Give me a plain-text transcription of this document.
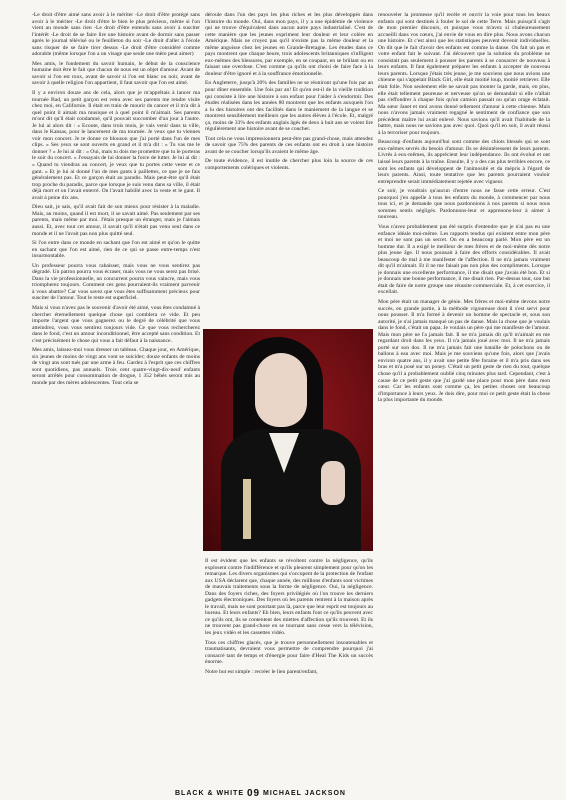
-Le droit d'être aimé sans avoir à le mériter -Le droit d'être protégé sans avoir à le mériter -Le droit d'être le bien le plus précieux, même si l'on vient au monde sans rien -Le droit d'être entendu sans avoir à susciter l'intérêt -Le droit de se faire lire une histoire avant de dormir sans passer après le journal télévisé ou le feuilleton du soir -Le droit d'aller à l'école sans risquer de se faire tirer dessus -Le droit d'être considéré comme adorable (même lorsque l'on a un visage que seule une mère peut aimer)

Mes amis, le fondement du savoir humain, le début de la conscience humaine doit être le fait que chacun de nous est un objet d'amour. Avant de savoir si l'on est roux, avant de savoir si l'on est blanc ou noir, avant de savoir à quelle religion l'on appartient, il faut savoir que l'on est aimé.

Il y a environ douze ans de cela, alors que je m'apprêtais à lancer ma tournée Bad, un petit garçon est venu avec ses parents me rendre visite chez moi, en Californie. Il était en train de mourir du cancer et il m'a dit à quel point il aimait ma musique et à quel point il m'aimait. Ses parents m'ont dit qu'il était condamné, qu'il pouvait succomber d'un jour à l'autre. Je lui ai alors dit : « Ecoute, dans trois mois, je vais venir dans ta ville, dans le Kansas, pour le lancement de ma tournée. Je veux que tu viennes voir mon concert. Je te donne ce blouson que j'ai porté dans l'un de mes clips. » Ses yeux se sont ouverts en grand et il m'a dit : « Tu vas me le donner ? » Je lui ai dit : « Oui, mais tu dois me promettre que tu le porteras le soir du concert. » J'essayais de lui donner la force de lutter. Je lui ai dit : « Quand tu viendras au concert, je veux que tu portes cette veste et ce gant. » Et je lui ai donné l'un de mes gants à paillettes, ce que je ne fais généralement pas. Et ce garçon était au paradis. Mais peut-être qu'il était trop proche du paradis, parce que lorsque je suis venu dans sa ville, il était déjà mort et on l'avait enterré. On l'avait habillé avec la veste et le gant. Il avait à peine dix ans.

Dieu sait, je sais, qu'il avait fait de son mieux pour résister à la maladie. Mais, au moins, quand il est mort, il se savait aimé. Pas seulement par ses parents, mais même par moi. J'étais presque un étranger, mais je l'aimais aussi. Et, avec tout cet amour, il savait qu'il n'était pas venu seul dans ce monde et il ne l'avait pas non plus quitté seul.

Si l'on entre dans ce monde en sachant que l'on est aimé et qu'on le quitte en sachant que l'on est aimé, rien de ce qui se passe entre-temps n'est insurmontable.

Un professeur pourra vous rabaisser, mais vous ne vous sentirez pas dégradé. Un patron pourra vous écraser, mais vous ne vous serez pas brisé. Dans la vie professionnelle, un concurrent pourra vous vaincre, mais vous triompherez toujours. Comment ces gens pourraient-ils vraiment parvenir à vous abattre? Car vous savez que vous êtes suffisamment précieux pour susciter de l'amour. Tout le reste est superficiel.

Mais si vous n'avez pas le souvenir d'avoir été aimé, vous êtes condamné à chercher éternellement quelque chose qui comblera ce vide. Et peu importe l'argent que vous gagnerez ou le degré de célébrité que vous atteindrez, vous vous sentirez toujours vide. Ce que vous rechercherez dans le fond, c'est un amour inconditionnel, être accepté sans condition. Et c'est précisément le chose qui vous a fait défaut à la naissance.

Mes amis, laissez-moi vous dresser un tableau. Chaque jour, en Amérique, six jeunes de moins de vingt ans vont se suicider; douze enfants de moins de vingt ans sont tués par une arme à feu. Gardez à l'esprit que ces chiffres sont quotidiens, pas annuels. Trois cent quatre-vingt-dix-neuf enfants seront arrêtés pour consommation de drogue, 1 352 bébés seront mis au monde par des mères adolescentes. Tout cela se

déroule dans l'un des pays les plus riches et les plus développés dans l'histoire du monde. Oui, dans mon pays, il y a une épidémie de violence qui ne trouve d'équivalent dans aucun autre pays industrialisé. C'est de cette manière que les jeunes expriment leur douleur et leur colère en Amérique. Mais ne croyez pas qu'il n'existe pas la même douleur et la même angoisse chez les jeunes en Grande-Bretagne. Les études dans ce pays montrent que chaque heure, trois adolescents britanniques s'infligent eux-mêmes des blessures, par exemple, en se coupant, en se brûlant ou en faisant une overdose. C'est comme ça qu'ils ont choisi de faire face à la douleur d'être ignoré et à la souffrance émotionnelle.

En Angleterre, jusqu'à 20% des familles ne se réuniront qu'une fois par an pour dîner ensemble. Une fois par an! Et qu'en est-il de la vieille tradition qui consiste à lire une histoire à son enfant pour l'aider à s'endormir. Des études réalisées dans les années 80 montrent que les enfants auxquels l'on a lu des histoires ont des facilités dans le maniement de la langue et se montrent sensiblement meilleurs que les autres élèves à l'école. Et, malgré ça, moins de 33% des enfants anglais âgés de deux à huit ans se voient lire régulièrement une histoire avant de se coucher.

Tout cela ne vous impressionnera peut-être pas grand-chose, mais attendez de savoir que 75% des parents de ces enfants ont eu droit à une histoire avant de se coucher lorsqu'ils avaient le même âge.

De toute évidence, il est inutile de chercher plus loin la source de ces comportements colériques et violents.

Il est évident que les enfants se révoltent contre la négligence, qu'ils explosent contre l'indifférence et qu'ils pleurent simplement pour qu'on les remarque. Les divers organismes qui s'occupent de la protection de l'enfant aux USA déclarent que, chaque année, des millions d'enfants sont victimes de mauvais traitements sous la forme de négligence. Oui, la négligence. Dans des foyers riches, des foyers privilégiés où l'on trouve les derniers gadgets électroniques. Des foyers où les parents rentrent à la maison après le travail, mais ne sont pourtant pas là, parce que leur esprit est toujours au bureau. Et leurs enfants? Eh bien, leurs enfants font ce qu'ils peuvent avec ce qu'ils ont, ils se contentent des miettes d'affection qu'ils trouvent. Et ils ne trouvent pas grand-chose en se tournant sans cesse vers la télévision, les jeux vidéo et les cassettes vidéo.

Tous ces chiffres glacés, que je trouve personnellement insoutenables et traumatisants, devraient vous permettre de comprendre pourquoi j'ai consacré tant de temps et d'énergie pour faire d'Heal The Kids un succès énorme.

Notre but est simple : recréer le lien parent/enfant,

renouveler la promesse qu'il recèle et ouvrir la voie pour tous les beaux enfants qui sont destinés à fouler le sol de cette Terre. Mais puisqu'il s'agit de mon premier discours, et puisque vous m'avez si chaleureusement accueilli dans vos cœurs, j'ai envie de vous en dire plus. Nous avons chacun une histoire. Et c'est ainsi que les statistiques peuvent devenir individuelles. On dit que le fait d'avoir des enfants est comme la danse. On fait un pas et votre enfant fait le suivant. J'ai découvert que la solution du problème ne consistait pas seulement à pousser les parents à se consacrer de nouveau à leurs enfants. Il faut également préparer les enfants à accepter de nouveau leurs parents. Lorsque j'étais très jeune, je me souviens que nous avions une chienne qui s'appelait Black Girl, elle était moitié loup, moitié retriever. Elle était folle. Non seulement elle ne savait pas monter la garde, mais, en plus, elle était tellement peureuse et nerveuse qu'on se demandait si elle n'allait pas s'effondrer à chaque fois qu'un camion passait ou qu'un orage éclatait. Ma sœur Janet et moi avons donné tellement d'amour à cette chienne. Mais nous n'avons jamais vraiment regagné le sentiment de confiance que son précédent maître lui avait enlevé. Nous savions qu'il avait l'habitude de la battre, mais nous ne savions pas avec quoi. Quoi qu'il en soit, il avait réussi à la terroriser pour toujours.

Beaucoup d'enfants aujourd'hui sont comme des chiots blessés qui se sont eux-mêmes sevrés du besoin d'amour. Ils se désintéressent de leurs parents. Livrés à eux-mêmes, ils apprécient leur indépendance. Ils ont évolué et ont laissé leurs parents à la traîne. Ensuite, il y a des cas plus terribles encore, ce sont les enfants qui développent de l'animosité et du mépris à l'égard de leurs parents. Ainsi, toute tentative que les parents pourraient vouloir entreprendre serait immédiatement rejetée avec vigueur.

Ce soir, je voudrais qu'aucun d'entre nous ne fasse cette erreur. C'est pourquoi j'en appelle à tous les enfants du monde, à commencer par nous tous ici, et je demande que nous pardonnions à nos parents si nous nous sommes sentis négligés. Pardonnons-leur et apprenons-leur à aimer à nouveau.

Vous n'avez probablement pas été surpris d'entendre que je n'ai pas eu une enfance idéale moi-même. Les rapports tendus qui existent entre mon père et moi ne sont pas un secret. On en a beaucoup parlé. Mon père est un homme dur. Il a exigé le meilleur de mes frères et de moi-même dès notre plus jeune âge. Il nous poussait à faire des efforts considérables. Il avait beaucoup de mal à me manifester de l'affection. Il ne m'a jamais vraiment dit qu'il m'aimait. Et il ne me faisait pas non plus des compliments. Lorsque je donnais une excellente performance, il me disait que j'avais été bon. Et si je donnais une bonne performance, il me disait rien. Par-dessus tout, son but était de faire de notre groupe une réussite commerciale. Et, à cet exercice, il excellait.

Mon père était un manager de génie. Mes frères et moi-même devons notre succès, en grande partie, à la méthode vigoureuse dont il s'est servi pour nous pousser. Il m'a formé à devenir un homme de spectacle et, sous son autorité, je n'ai jamais manqué un pas de danse. Mais la chose que je voulais dans le fond, c'était un papa. Je voulais un père qui me manifeste de l'amour. Mais mon père ne l'a jamais fait. Il ne m'a jamais dit qu'il m'aimait en me regardant droit dans les yeux. Il n'a jamais joué avec moi. Il ne m'a jamais porté sur son dos. Il ne m'a jamais fait une bataille de polochons ou de ballons à eau avec moi. Mais je me souviens qu'une fois, alors que j'avais environ quatre ans, il y avait une petite fête foraine et il m'a pris dans ses bras et m'a posé sur un poney. C'était un petit geste de rien du tout, quelque chose qu'il a probablement oublié cinq minutes plus tard. Cependant, c'est à cause de ce petit geste que j'ai gardé une place pour mon père dans mon cœur. Car les enfants sont comme ça, les petites choses ont beaucoup d'importance à leurs yeux. Je dois dire, pour moi ce petit geste était la chose la plus importante du monde.

BLACK & WHITE 09 MICHAEL JACKSON
